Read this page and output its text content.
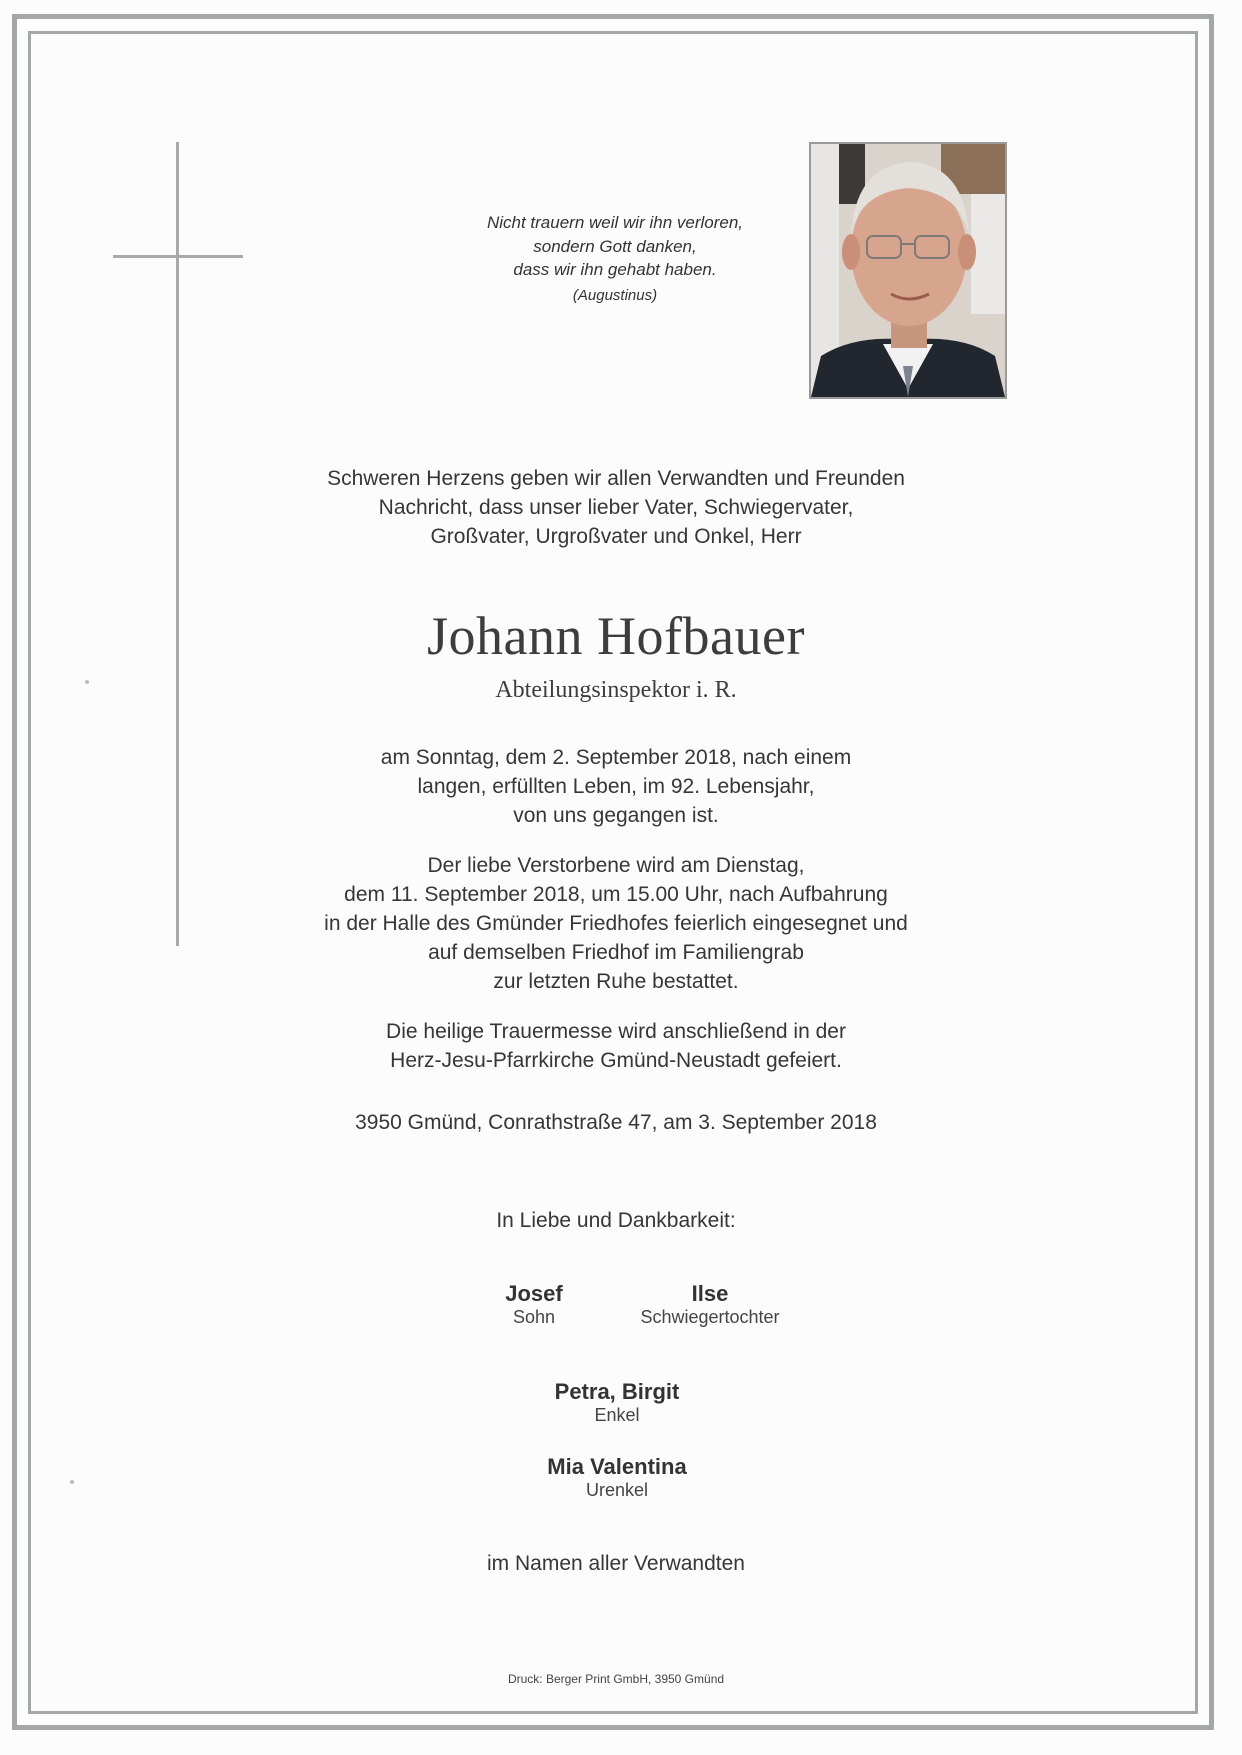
Nicht trauern weil wir ihn verloren,
sondern Gott danken,
dass wir ihn gehabt haben.
(Augustinus)
Schweren Herzens geben wir allen Verwandten und Freunden
Nachricht, dass unser lieber Vater, Schwiegervater,
Großvater, Urgroßvater und Onkel, Herr
Johann Hofbauer
Abteilungsinspektor i. R.
am Sonntag, dem 2. September 2018, nach einem
langen, erfüllten Leben, im 92. Lebensjahr,
von uns gegangen ist.
Der liebe Verstorbene wird am Dienstag,
dem 11. September 2018, um 15.00 Uhr, nach Aufbahrung
in der Halle des Gmünder Friedhofes feierlich eingesegnet und
auf demselben Friedhof im Familiengrab
zur letzten Ruhe bestattet.
Die heilige Trauermesse wird anschließend in der
Herz-Jesu-Pfarrkirche Gmünd-Neustadt gefeiert.
3950 Gmünd, Conrathstraße 47, am 3. September 2018
In Liebe und Dankbarkeit:
Josef
Sohn
Ilse
Schwiegertochter
Petra, Birgit
Enkel
Mia Valentina
Urenkel
im Namen aller Verwandten
Druck: Berger Print GmbH, 3950 Gmünd
